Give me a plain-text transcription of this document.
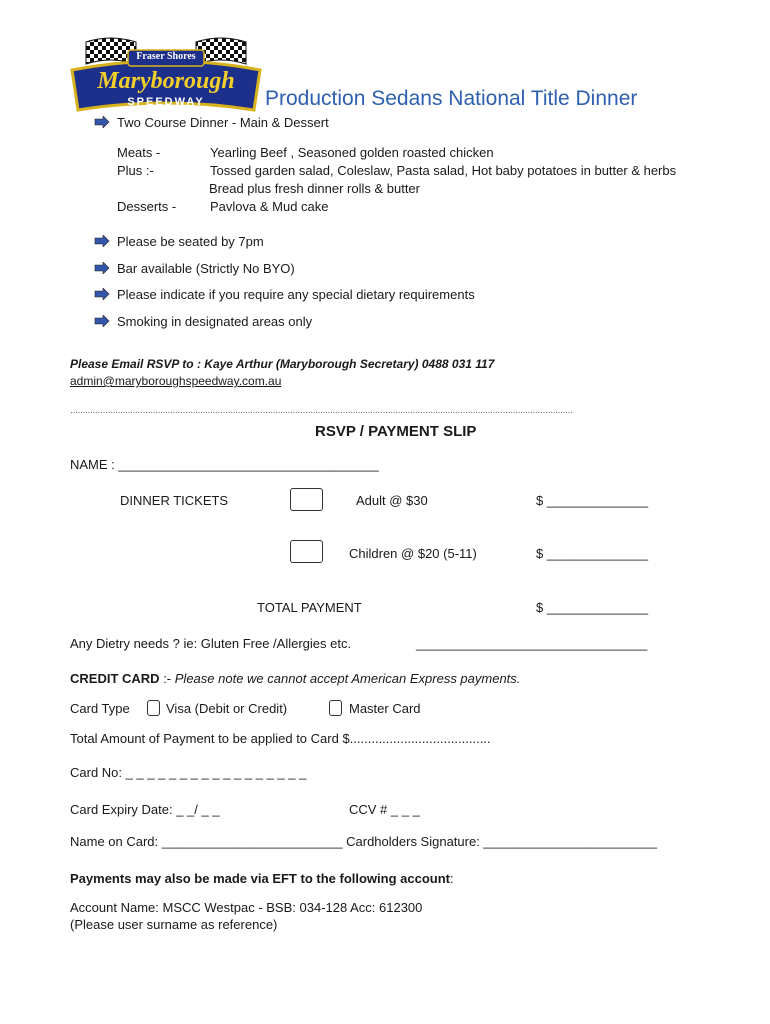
Fraser Shores
Maryborough
SPEEDWAY	Production Sedans National Title Dinner
Two Course Dinner - Main & Dessert
Meats -	Yearling Beef , Seasoned golden roasted chicken
Plus :-	Tossed garden salad, Coleslaw, Pasta salad, Hot baby potatoes in butter & herbs
Bread plus fresh dinner rolls & butter
Desserts -	Pavlova & Mud cake
Please be seated by 7pm
Bar available (Strictly No BYO)
Please indicate if you require any special dietary requirements
Smoking in designated areas only
Please Email RSVP to : Kaye Arthur (Maryborough Secretary) 0488 031 117
admin@maryboroughspeedway.com.au
…………………………………………………………………………………………………………………………………………………………………………………
RSVP / PAYMENT SLIP
NAME : ____________________________________
DINNER TICKETS	Adult @ $30	$ ______________
Children @ $20 (5-11)	$ ______________
TOTAL PAYMENT	$ ______________
Any Dietry needs ? ie: Gluten Free /Allergies etc.	________________________________
CREDIT CARD :- Please note we cannot accept American Express payments.
Card Type	Visa (Debit or Credit)	Master Card
Total Amount of Payment to be applied to Card $.......................................
Card No: _ _ _ _ _ _ _ _ _ _ _ _ _ _ _ _ _
Card Expiry Date: _ _/ _ _	CCV # _ _ _
Name on Card: _________________________ Cardholders Signature: ________________________
Payments may also be made via EFT to the following account:
Account Name: MSCC Westpac - BSB: 034-128 Acc: 612300
(Please user surname as reference)
